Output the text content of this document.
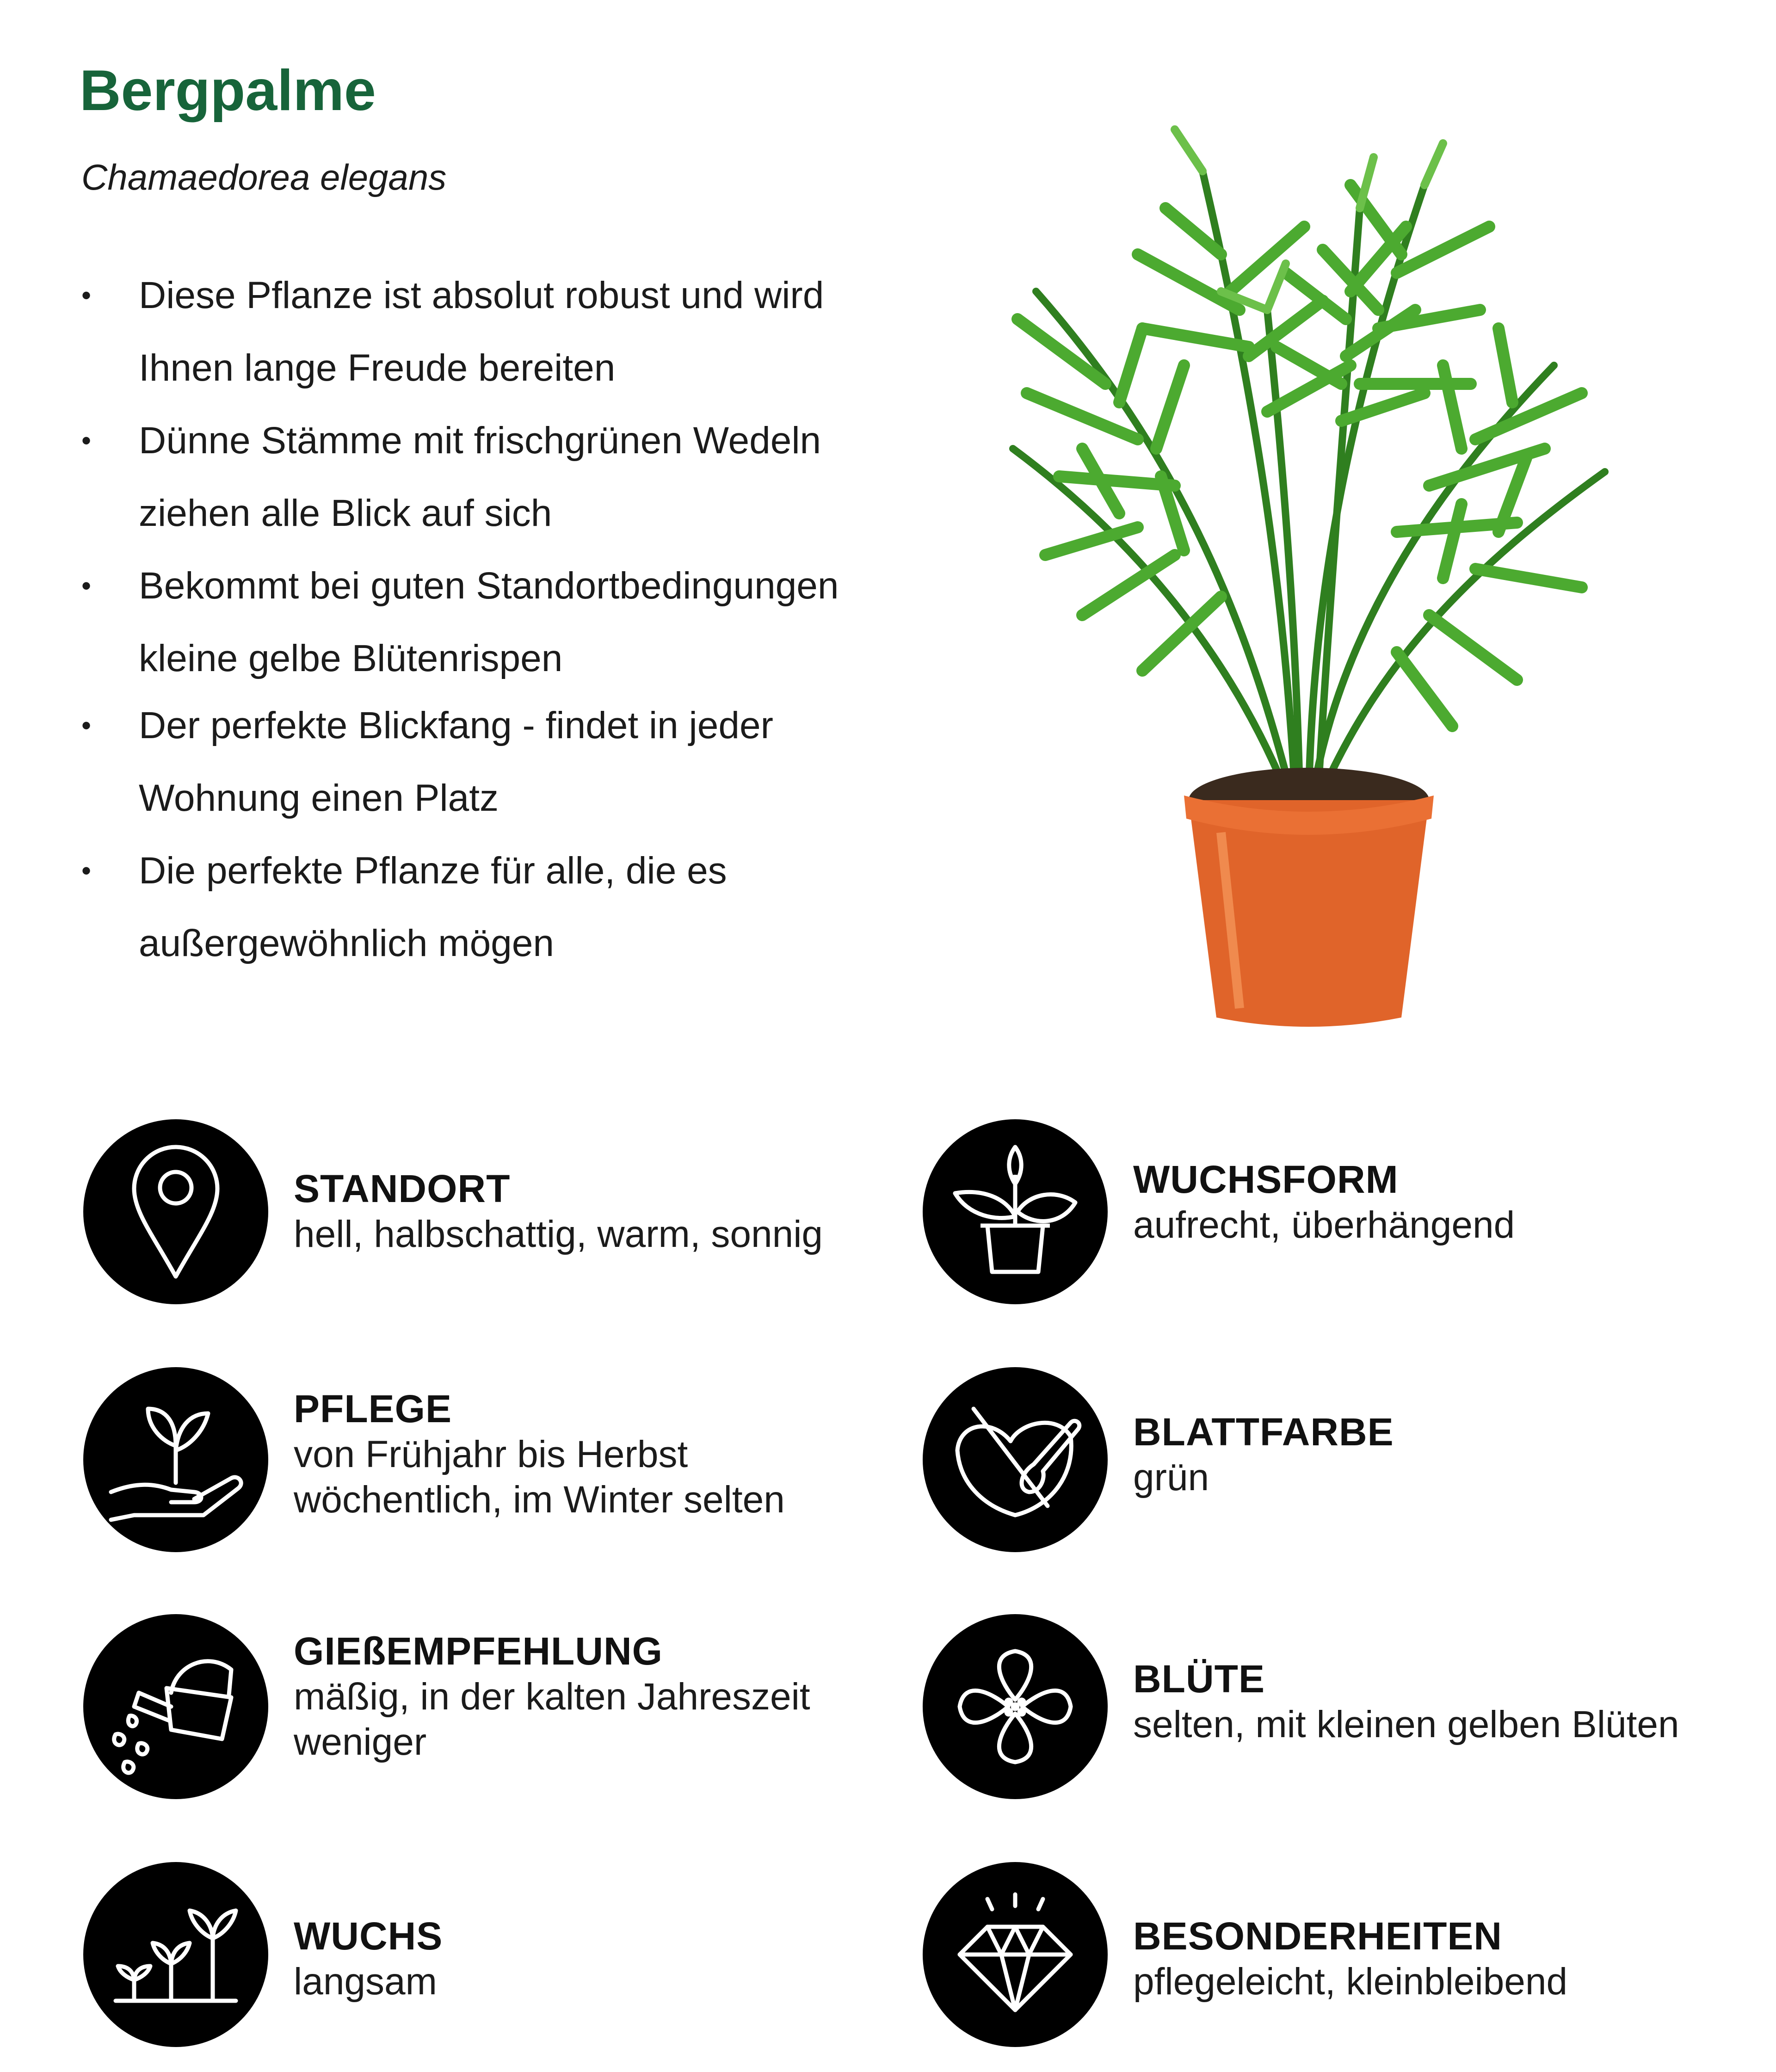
Bergpalme

Chamaedorea elegans

• Diese Pflanze ist absolut robust und wird
Ihnen lange Freude bereiten
• Dünne Stämme mit frischgrünen Wedeln
ziehen alle Blick auf sich
• Bekommt bei guten Standortbedingungen
kleine gelbe Blütenrispen
• Der perfekte Blickfang - findet in jeder
Wohnung einen Platz
• Die perfekte Pflanze für alle, die es
außergewöhnlich mögen
STANDORT
hell, halbschattig, warm, sonnig
WUCHSFORM
aufrecht, überhängend
PFLEGE
von Frühjahr bis Herbst
wöchentlich, im Winter selten
BLATTFARBE
grün
GIEßEMPFEHLUNG
mäßig, in der kalten Jahreszeit
weniger
BLÜTE
selten, mit kleinen gelben Blüten
WUCHS
langsam
BESONDERHEITEN
pflegeleicht, kleinbleibend
